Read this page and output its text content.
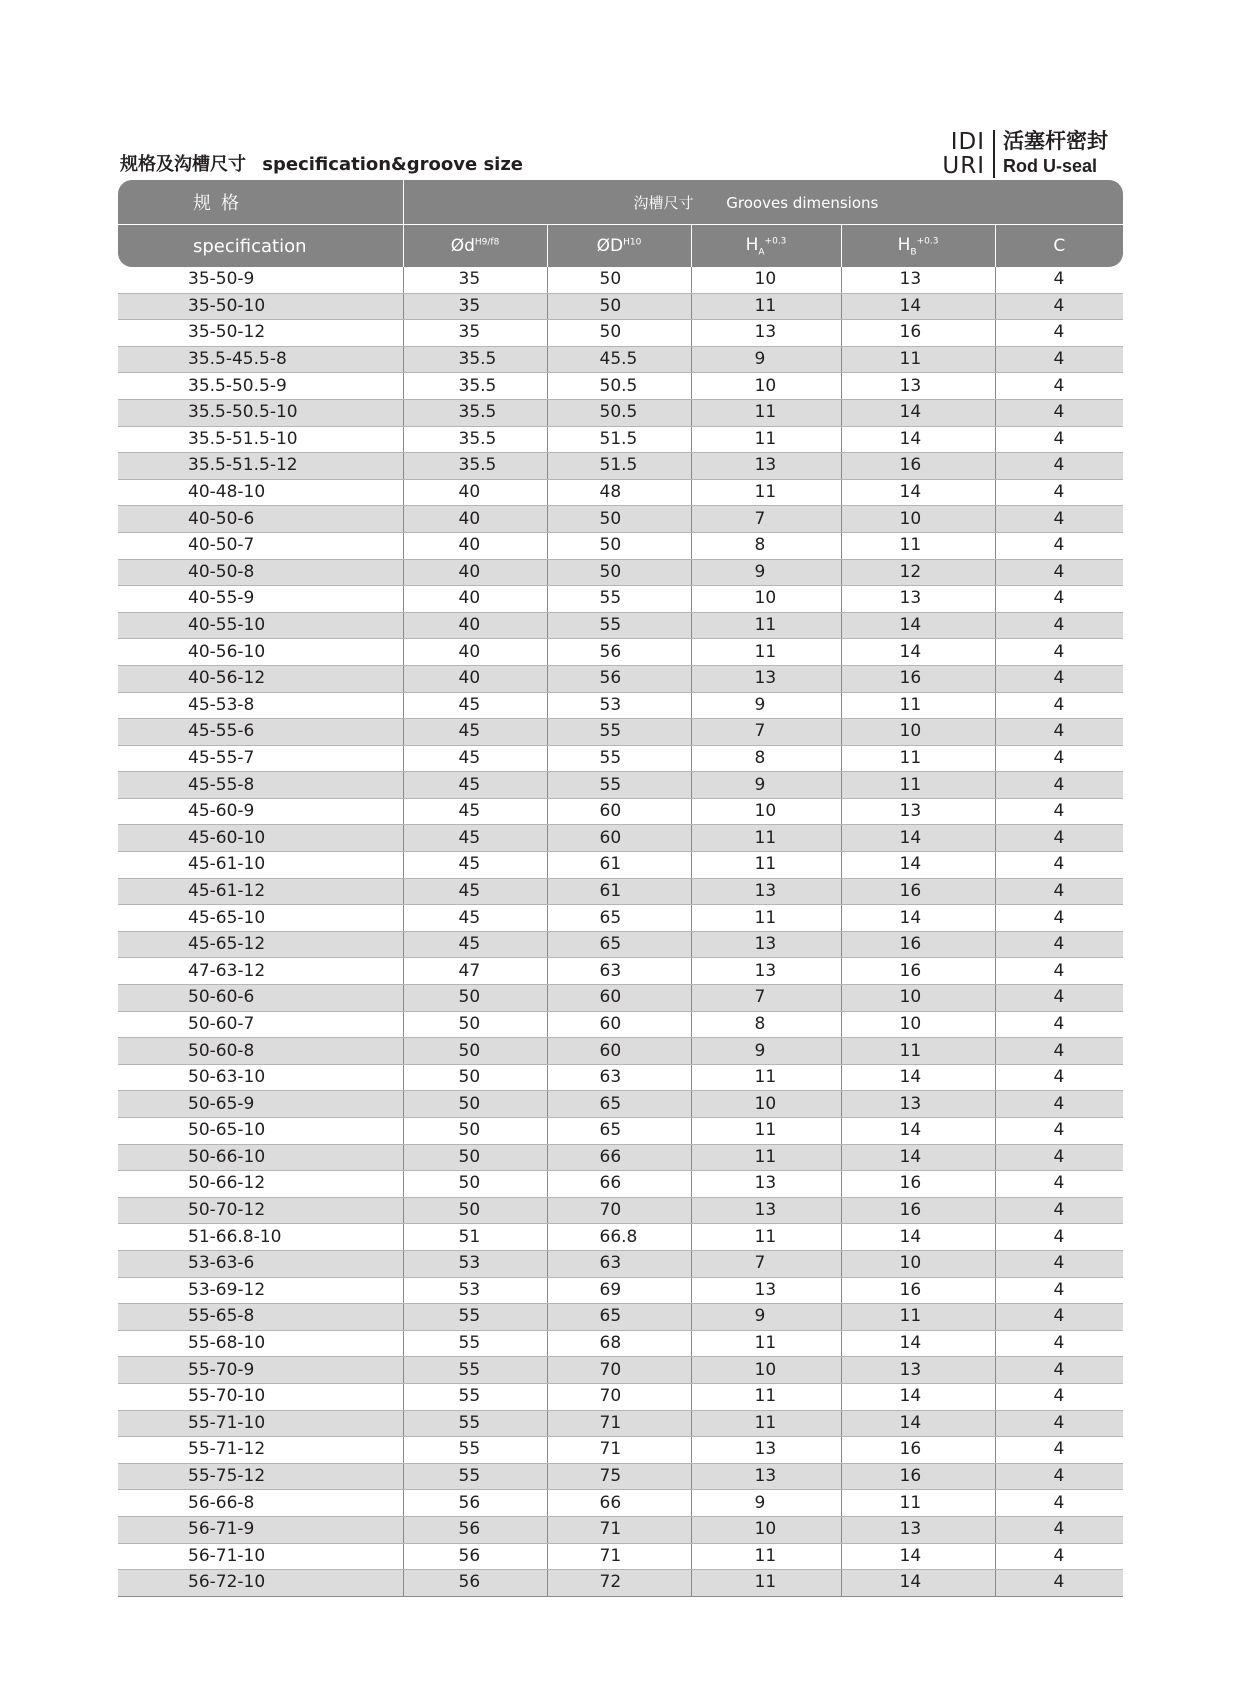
规格及沟槽尺寸 specification&groove size
IDI
URI
活塞杆密封
Rod U-seal
规格	沟槽尺寸 Grooves dimensions				
specification	$Ød^{H9/f8}$	$ØD^{H10}$	$H_A^{+0.3}$	$H_B^{+0.3}$	C
35-50-9	35	50	10	13	4
35-50-10	35	50	11	14	4
35-50-12	35	50	13	16	4
35.5-45.5-8	35.5	45.5	9	11	4
35.5-50.5-9	35.5	50.5	10	13	4
35.5-50.5-10	35.5	50.5	11	14	4
35.5-51.5-10	35.5	51.5	11	14	4
35.5-51.5-12	35.5	51.5	13	16	4
40-48-10	40	48	11	14	4
40-50-6	40	50	7	10	4
40-50-7	40	50	8	11	4
40-50-8	40	50	9	12	4
40-55-9	40	55	10	13	4
40-55-10	40	55	11	14	4
40-56-10	40	56	11	14	4
40-56-12	40	56	13	16	4
45-53-8	45	53	9	11	4
45-55-6	45	55	7	10	4
45-55-7	45	55	8	11	4
45-55-8	45	55	9	11	4
45-60-9	45	60	10	13	4
45-60-10	45	60	11	14	4
45-61-10	45	61	11	14	4
45-61-12	45	61	13	16	4
45-65-10	45	65	11	14	4
45-65-12	45	65	13	16	4
47-63-12	47	63	13	16	4
50-60-6	50	60	7	10	4
50-60-7	50	60	8	10	4
50-60-8	50	60	9	11	4
50-63-10	50	63	11	14	4
50-65-9	50	65	10	13	4
50-65-10	50	65	11	14	4
50-66-10	50	66	11	14	4
50-66-12	50	66	13	16	4
50-70-12	50	70	13	16	4
51-66.8-10	51	66.8	11	14	4
53-63-6	53	63	7	10	4
53-69-12	53	69	13	16	4
55-65-8	55	65	9	11	4
55-68-10	55	68	11	14	4
55-70-9	55	70	10	13	4
55-70-10	55	70	11	14	4
55-71-10	55	71	11	14	4
55-71-12	55	71	13	16	4
55-75-12	55	75	13	16	4
56-66-8	56	66	9	11	4
56-71-9	56	71	10	13	4
56-71-10	56	71	11	14	4
56-72-10	56	72	11	14	4
